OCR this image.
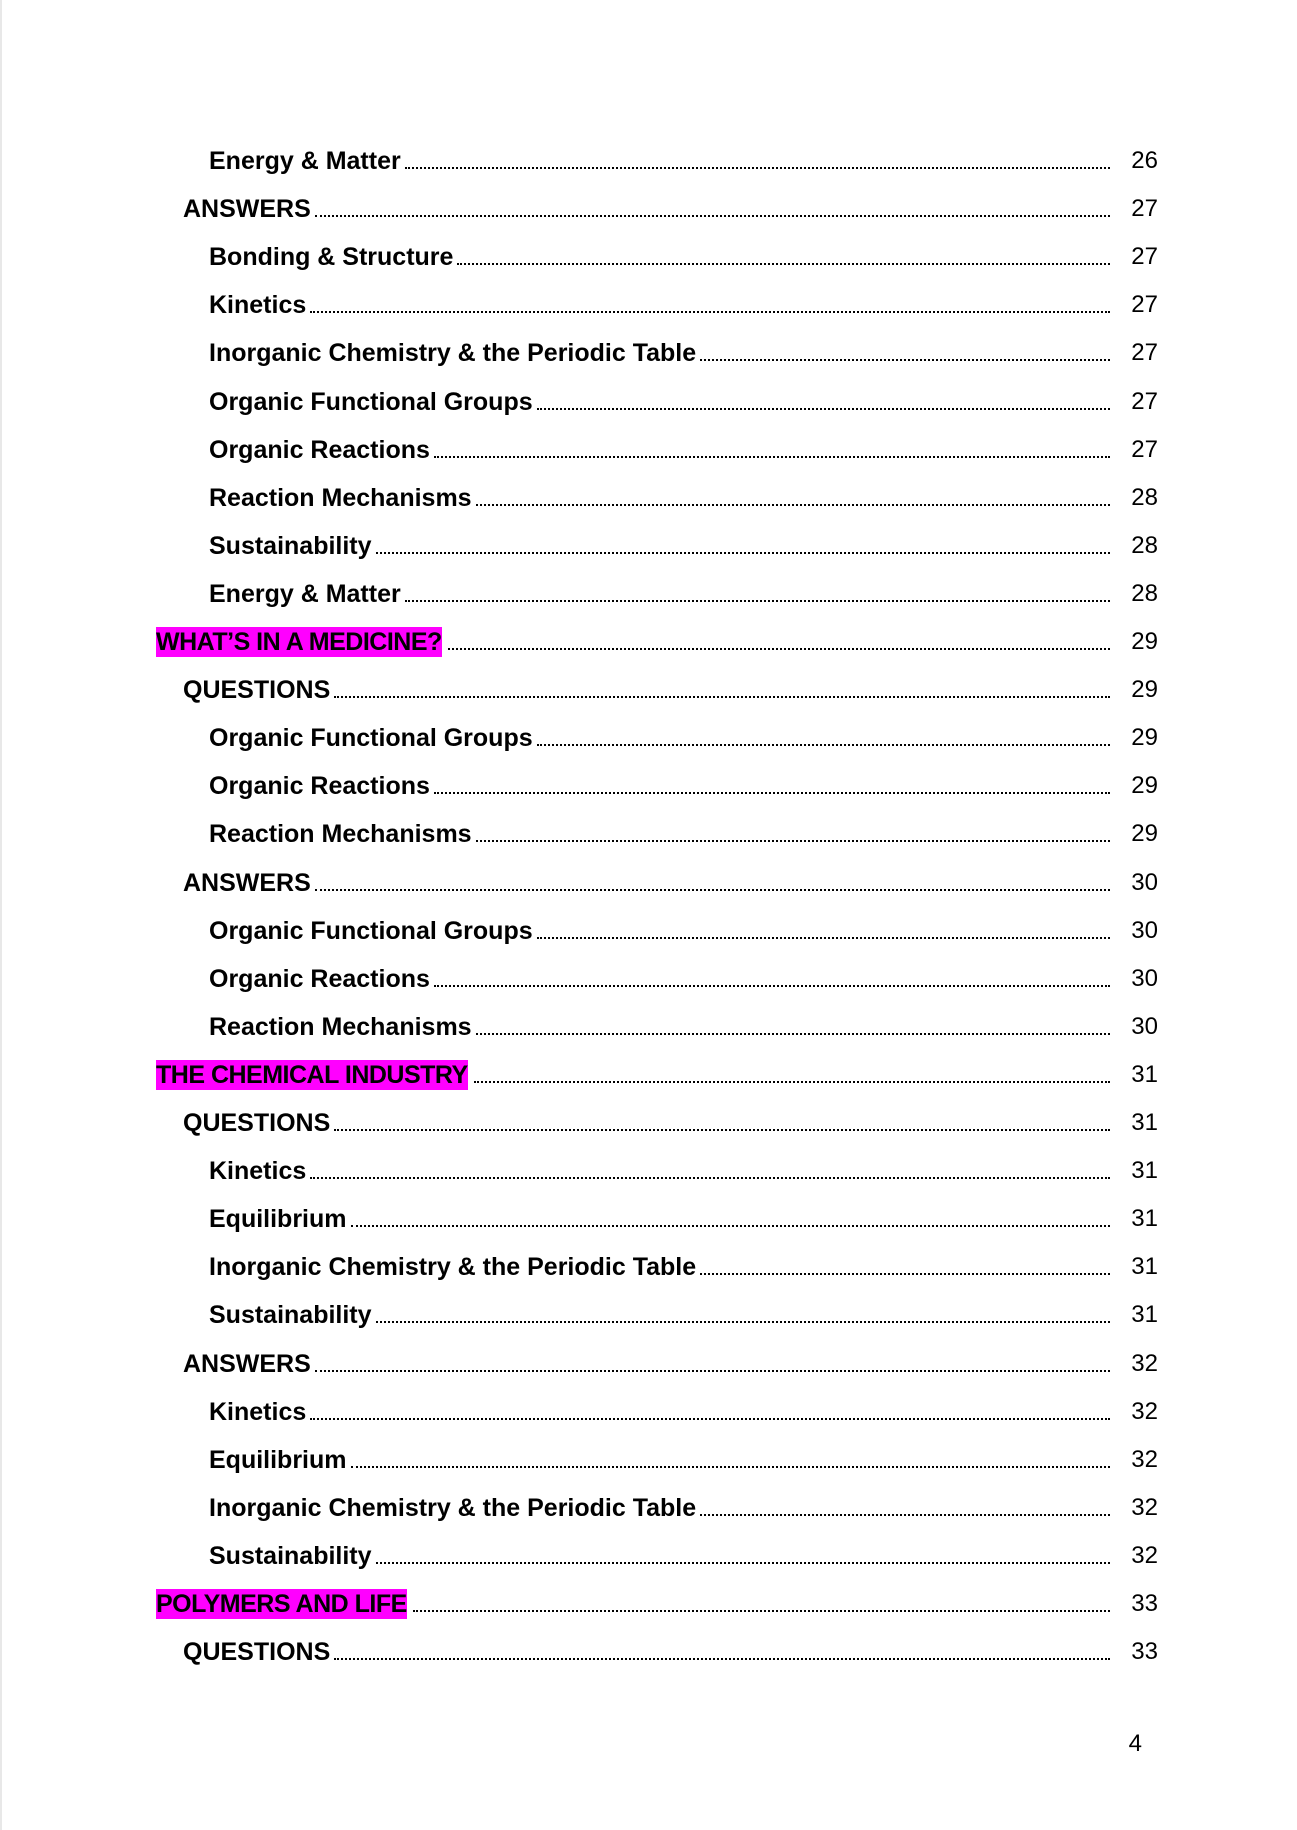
Energy & Matter	26
ANSWERS	27
Bonding & Structure	27
Kinetics	27
Inorganic Chemistry & the Periodic Table	27
Organic Functional Groups	27
Organic Reactions	27
Reaction Mechanisms	28
Sustainability	28
Energy & Matter	28
WHAT’S IN A MEDICINE?	29
QUESTIONS	29
Organic Functional Groups	29
Organic Reactions	29
Reaction Mechanisms	29
ANSWERS	30
Organic Functional Groups	30
Organic Reactions	30
Reaction Mechanisms	30
THE CHEMICAL INDUSTRY	31
QUESTIONS	31
Kinetics	31
Equilibrium	31
Inorganic Chemistry & the Periodic Table	31
Sustainability	31
ANSWERS	32
Kinetics	32
Equilibrium	32
Inorganic Chemistry & the Periodic Table	32
Sustainability	32
POLYMERS AND LIFE	33
QUESTIONS	33
4
